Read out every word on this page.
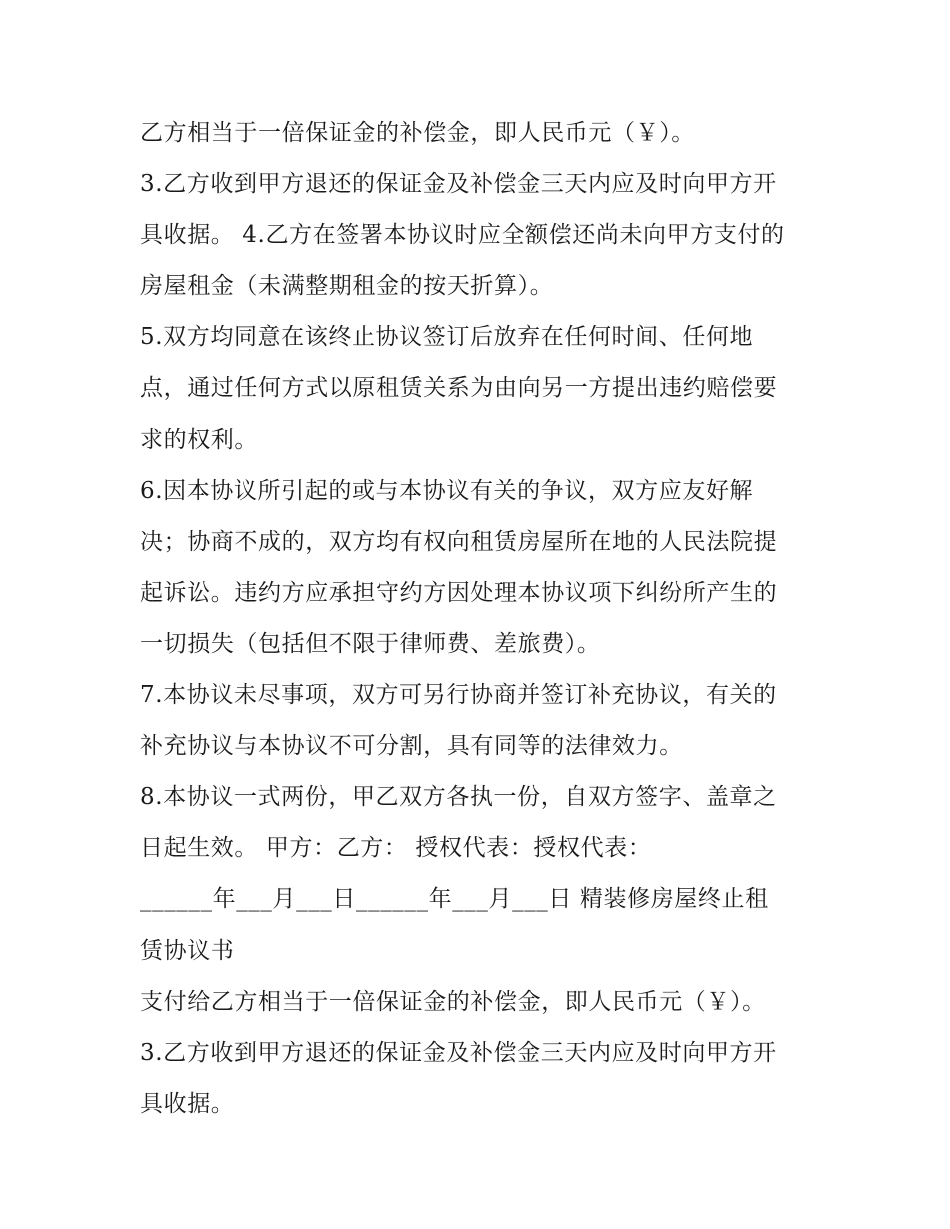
乙方相当于一倍保证金的补偿金，即人民币元（￥）。
3.乙方收到甲方退还的保证金及补偿金三天内应及时向甲方开
具收据。 4.乙方在签署本协议时应全额偿还尚未向甲方支付的
房屋租金（未满整期租金的按天折算）。
5.双方均同意在该终止协议签订后放弃在任何时间、任何地
点，通过任何方式以原租赁关系为由向另一方提出违约赔偿要
求的权利。
6.因本协议所引起的或与本协议有关的争议，双方应友好解
决；协商不成的，双方均有权向租赁房屋所在地的人民法院提
起诉讼。违约方应承担守约方因处理本协议项下纠纷所产生的
一切损失（包括但不限于律师费、差旅费）。
7.本协议未尽事项，双方可另行协商并签订补充协议，有关的
补充协议与本协议不可分割，具有同等的法律效力。
8.本协议一式两份，甲乙双方各执一份，自双方签字、盖章之
日起生效。 甲方：乙方： 授权代表：授权代表：
______年___月___日______年___月___日 精装修房屋终止租
赁协议书
支付给乙方相当于一倍保证金的补偿金，即人民币元（￥）。
3.乙方收到甲方退还的保证金及补偿金三天内应及时向甲方开
具收据。
